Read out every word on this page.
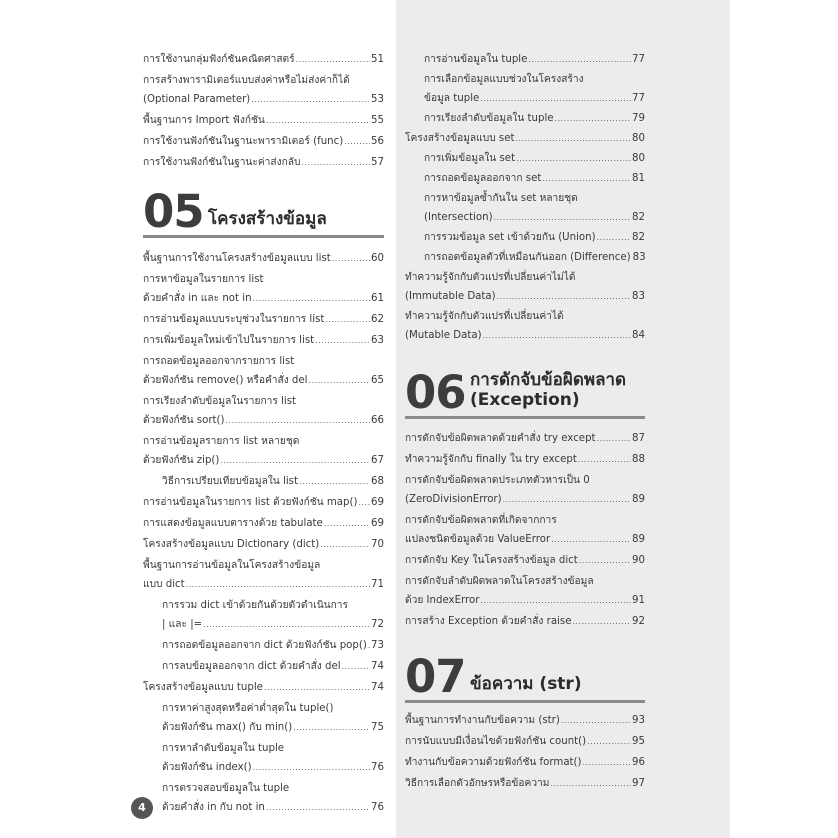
05 โครงสร้างข้อมูล
การใช้งานกลุ่มฟังก์ชันคณิตศาสตร์ .....	51
การสร้างพารามิเตอร์แบบส่งค่าหรือไม่ส่งค่าก็ได้
(Optional Parameter) .....	53
พื้นฐานการ Import ฟังก์ชัน .....	55
การใช้งานฟังก์ชันในฐานะพารามิเตอร์ (func) .....	56
การใช้งานฟังก์ชันในฐานะค่าส่งกลับ .....	57
พื้นฐานการใช้งานโครงสร้างข้อมูลแบบ list .....	60
การหาข้อมูลในรายการ list
ด้วยคำสั่ง in และ not in .....	61
การอ่านข้อมูลแบบระบุช่วงในรายการ list .....	62
การเพิ่มข้อมูลใหม่เข้าไปในรายการ list .....	63
การถอดข้อมูลออกจากรายการ list
ด้วยฟังก์ชัน remove() หรือคำสั่ง del .....	65
การเรียงลำดับข้อมูลในรายการ list
ด้วยฟังก์ชัน sort() .....	66
การอ่านข้อมูลรายการ list หลายชุด
ด้วยฟังก์ชัน zip() .....	67
วิธีการเปรียบเทียบข้อมูลใน list .....	68
การอ่านข้อมูลในรายการ list ด้วยฟังก์ชัน map() ..... 69
การแสดงข้อมูลแบบตารางด้วย tabulate .....	69
โครงสร้างข้อมูลแบบ Dictionary (dict) .....	70
พื้นฐานการอ่านข้อมูลในโครงสร้างข้อมูล
แบบ dict .....	71
การรวม dict เข้าด้วยกันด้วยตัวดำเนินการ
| และ |= .....	72
การถอดข้อมูลออกจาก dict ด้วยฟังก์ชัน pop() ..... 73
การลบข้อมูลออกจาก dict ด้วยคำสั่ง del .....	74
โครงสร้างข้อมูลแบบ tuple .....	74
การหาค่าสูงสุดหรือค่าต่ำสุดใน tuple()
ด้วยฟังก์ชัน max() กับ min() .....	75
การหาลำดับข้อมูลใน tuple
ด้วยฟังก์ชัน index() .....	76
การตรวจสอบข้อมูลใน tuple
ด้วยคำสั่ง in กับ not in .....	76
06 การดักจับข้อผิดพลาด
(Exception)
07 ข้อความ (str)
การอ่านข้อมูลใน tuple .....	77
การเลือกข้อมูลแบบช่วงในโครงสร้าง
ข้อมูล tuple .....	77
การเรียงลำดับข้อมูลใน tuple .....	79
โครงสร้างข้อมูลแบบ set .....	80
การเพิ่มข้อมูลใน set .....	80
การถอดข้อมูลออกจาก set .....	81
การหาข้อมูลซ้ำกันใน set หลายชุด
(Intersection) .....	82
การรวมข้อมูล set เข้าด้วยกัน (Union) .....	82
การถอดข้อมูลตัวที่เหมือนกันออก (Difference) 83
ทำความรู้จักกับตัวแปรที่เปลี่ยนค่าไม่ได้
(Immutable Data) .....	83
ทำความรู้จักกับตัวแปรที่เปลี่ยนค่าได้
(Mutable Data) .....	84
การดักจับข้อผิดพลาดด้วยคำสั่ง try except .....	87
ทำความรู้จักกับ finally ใน try except .....	88
การดักจับข้อผิดพลาดประเภทตัวหารเป็น 0
(ZeroDivisionError) .....	89
การดักจับข้อผิดพลาดที่เกิดจากการ
แปลงชนิดข้อมูลด้วย ValueError .....	89
การดักจับ Key ในโครงสร้างข้อมูล dict .....	90
การดักจับลำดับผิดพลาดในโครงสร้างข้อมูล
ด้วย IndexError .....	91
การสร้าง Exception ด้วยคำสั่ง raise .....	92
พื้นฐานการทำงานกับข้อความ (str) .....	93
การนับแบบมีเงื่อนไขด้วยฟังก์ชัน count() .....	95
ทำงานกับข้อความด้วยฟังก์ชัน format() .....	96
วิธีการเลือกตัวอักษรหรือข้อความ .....	97
4
